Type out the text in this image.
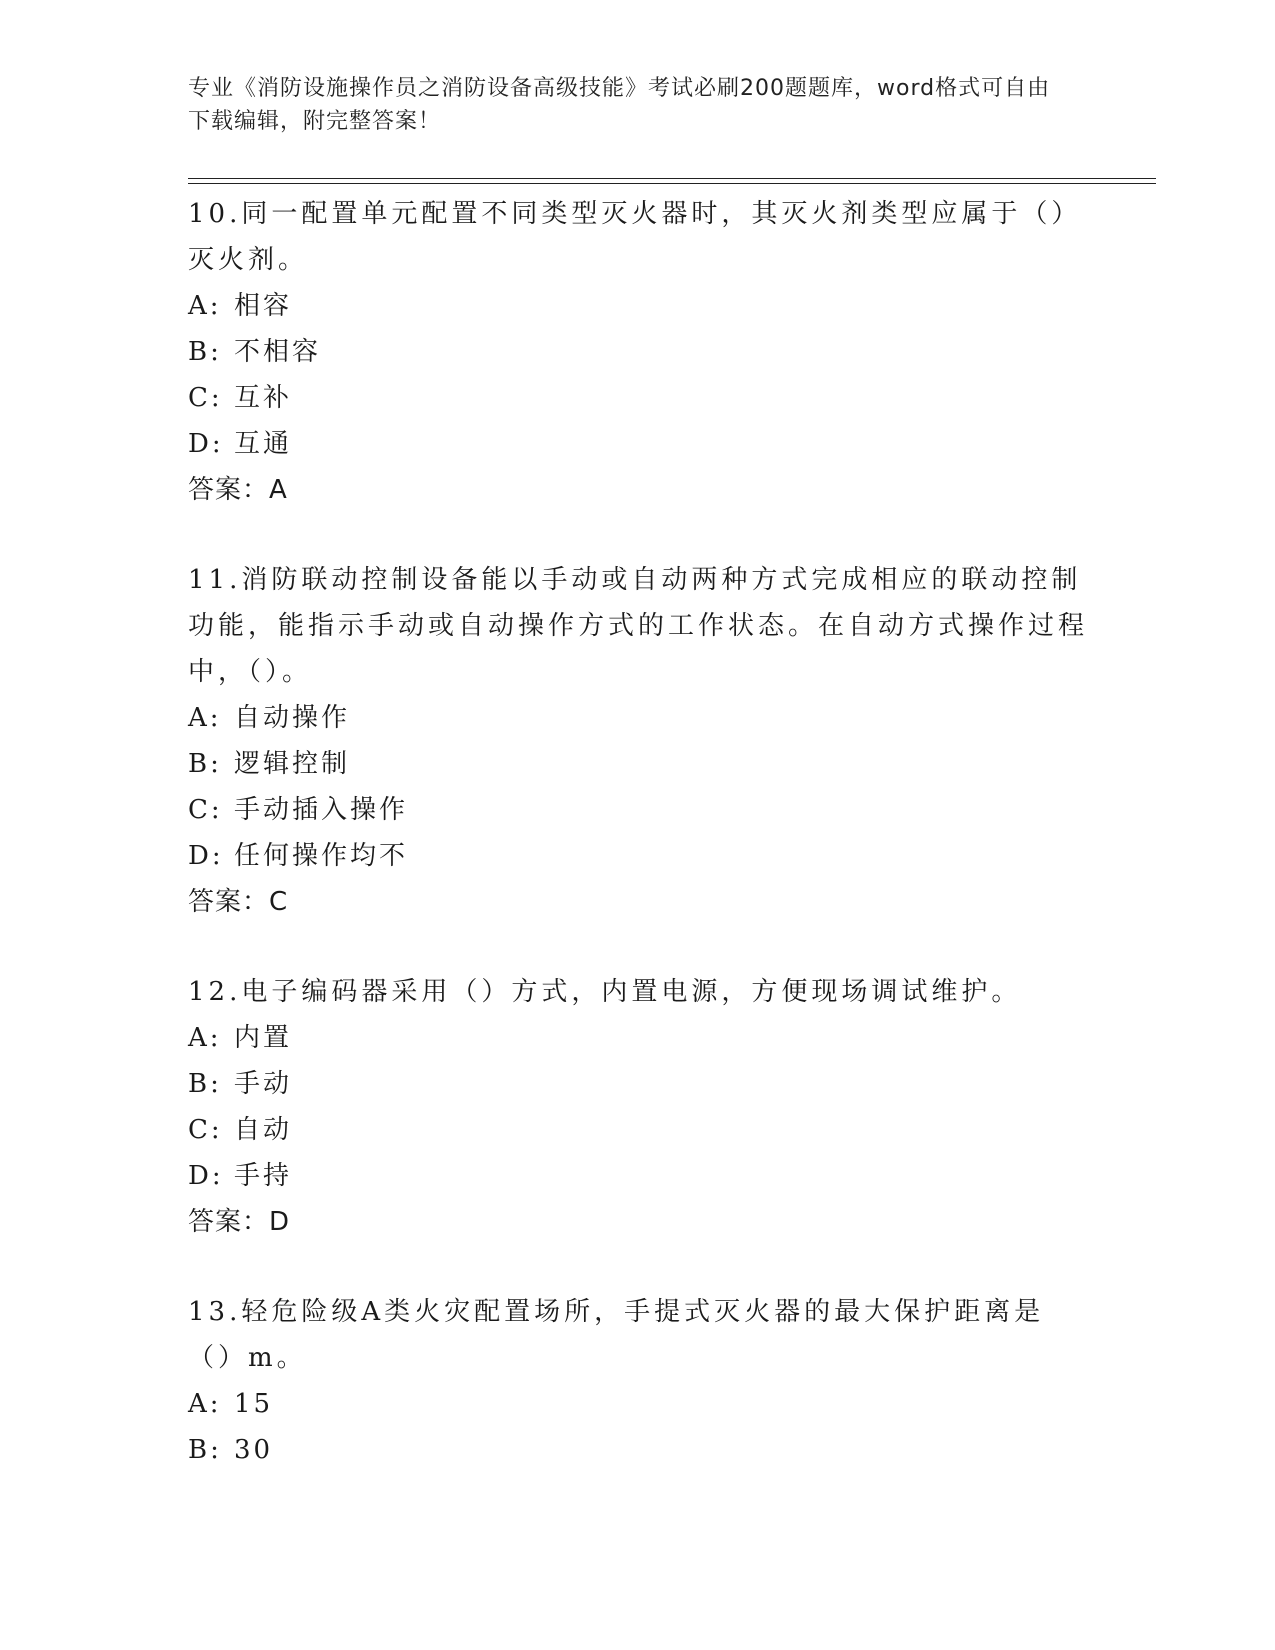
专业《消防设施操作员之消防设备高级技能》考试必刷200题题库，word格式可自由下载编辑，附完整答案！

10.同一配置单元配置不同类型灭火器时，其灭火剂类型应属于（）灭火剂。

A: 相容

B: 不相容

C: 互补

D: 互通

答案：A

11.消防联动控制设备能以手动或自动两种方式完成相应的联动控制功能，能指示手动或自动操作方式的工作状态。在自动方式操作过程中，（）。

A: 自动操作

B: 逻辑控制

C: 手动插入操作

D: 任何操作均不

答案：C

12.电子编码器采用（）方式，内置电源，方便现场调试维护。

A: 内置

B: 手动

C: 自动

D: 手持

答案：D

13.轻危险级A类火灾配置场所，手提式灭火器的最大保护距离是（）m。

A: 15

B: 30
